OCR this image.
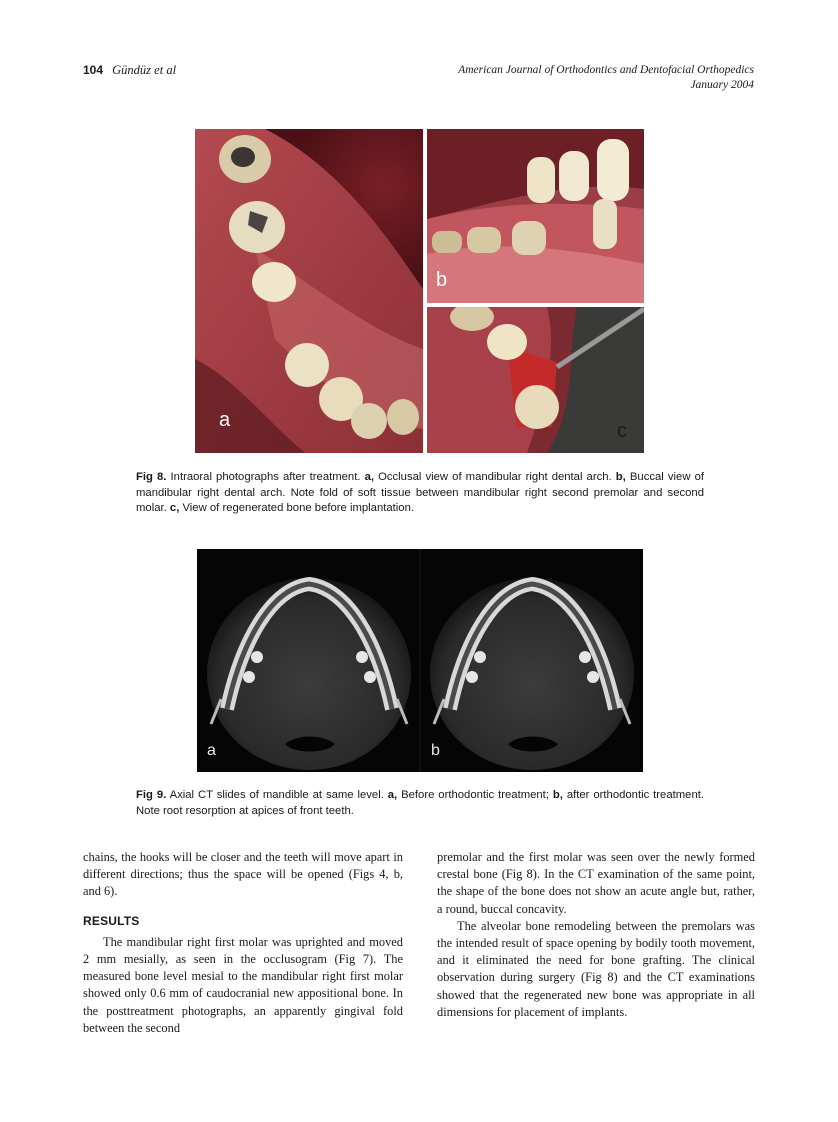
104 Gündüz et al	American Journal of Orthodontics and Dentofacial Orthopedics
January 2004
a
b
c
Fig 8. Intraoral photographs after treatment. a, Occlusal view of mandibular right dental arch. b, Buccal view of mandibular right dental arch. Note fold of soft tissue between mandibular right second premolar and second molar. c, View of regenerated bone before implantation.
a	b
Fig 9. Axial CT slides of mandible at same level. a, Before orthodontic treatment; b, after orthodontic treatment. Note root resorption at apices of front teeth.

chains, the hooks will be closer and the teeth will move apart in different directions; thus the space will be opened (Figs 4, b, and 6).

RESULTS

The mandibular right first molar was uprighted and moved 2 mm mesially, as seen in the occlusogram (Fig 7). The measured bone level mesial to the mandibular right first molar showed only 0.6 mm of caudocranial new appositional bone. In the posttreatment photographs, an apparently gingival fold between the second

premolar and the first molar was seen over the newly formed crestal bone (Fig 8). In the CT examination of the same point, the shape of the bone does not show an acute angle but, rather, a round, buccal concavity.

The alveolar bone remodeling between the premolars was the intended result of space opening by bodily tooth movement, and it eliminated the need for bone grafting. The clinical observation during surgery (Fig 8) and the CT examinations showed that the regenerated new bone was appropriate in all dimensions for placement of implants.
